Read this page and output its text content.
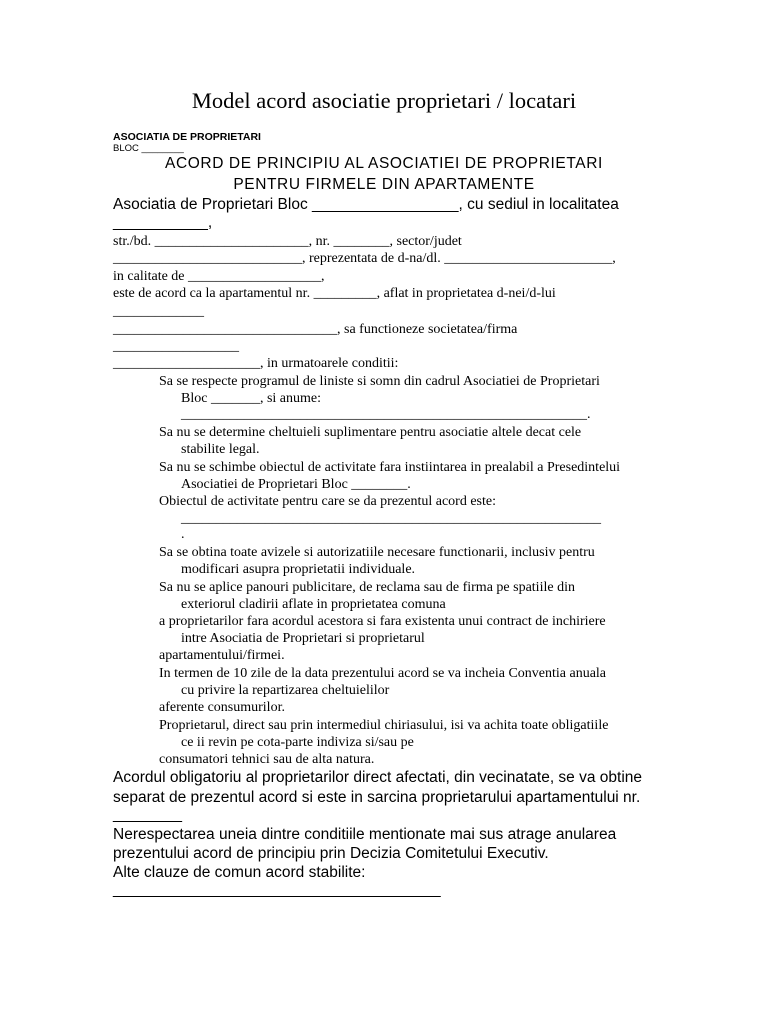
Model acord asociatie proprietari / locatari
ASOCIATIA DE PROPRIETARI
BLOC ________
ACORD DE PRINCIPIU AL ASOCIATIEI DE PROPRIETARI
PENTRU FIRMELE DIN APARTAMENTE
Asociatia de Proprietari Bloc _________________, cu sediul in localitatea
___________,
str./bd. ______________________, nr. ________, sector/judet
___________________________, reprezentata de d-na/dl. ________________________,
in calitate de ___________________,
este de acord ca la apartamentul nr. _________, aflat in proprietatea d-nei/d-lui
_____________
________________________________, sa functioneze societatea/firma
__________________
_____________________, in urmatoarele conditii:
Sa se respecte programul de liniste si somn din cadrul Asociatiei de Proprietari
Bloc _______, si anume:
__________________________________________________________.
Sa nu se determine cheltuieli suplimentare pentru asociatie altele decat cele
stabilite legal.
Sa nu se schimbe obiectul de activitate fara instiintarea in prealabil a Presedintelui
Asociatiei de Proprietari Bloc ________.
Obiectul de activitate pentru care se da prezentul acord este:
____________________________________________________________
.
Sa se obtina toate avizele si autorizatiile necesare functionarii, inclusiv pentru
modificari asupra proprietatii individuale.
Sa nu se aplice panouri publicitare, de reclama sau de firma pe spatiile din
exteriorul cladirii aflate in proprietatea comuna
a proprietarilor fara acordul acestora si fara existenta unui contract de inchiriere
intre Asociatia de Proprietari si proprietarul
apartamentului/firmei.
In termen de 10 zile de la data prezentului acord se va incheia Conventia anuala
cu privire la repartizarea cheltuielilor
aferente consumurilor.
Proprietarul, direct sau prin intermediul chiriasului, isi va achita toate obligatiile
ce ii revin pe cota-parte indiviza si/sau pe
consumatori tehnici sau de alta natura.
Acordul obligatoriu al proprietarilor direct afectati, din vecinatate, se va obtine
separat de prezentul acord si este in sarcina proprietarului apartamentului nr.
________
Nerespectarea uneia dintre conditiile mentionate mai sus atrage anularea
prezentului acord de principiu prin Decizia Comitetului Executiv.
Alte clauze de comun acord stabilite:
______________________________________
